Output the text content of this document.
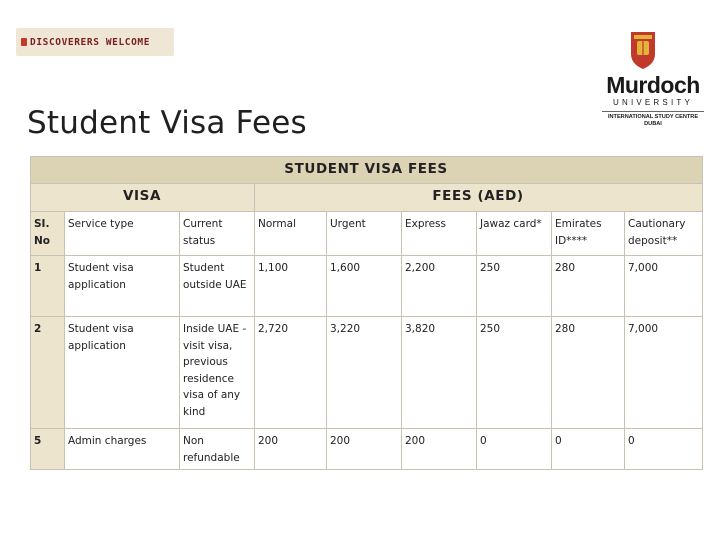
DISCOVERERS WELCOME
Murdoch
UNIVERSITY
INTERNATIONAL STUDY CENTRE
DUBAI
Student Visa Fees
STUDENT VISA FEES								
VISA			FEES (AED)					
SI. No	Service type	Current status	Normal	Urgent	Express	Jawaz card*	Emirates ID****	Cautionary deposit**
1	Student visa application	Student outside UAE	1,100	1,600	2,200	250	280	7,000
2	Student visa application	Inside UAE - visit visa, previous residence visa of any kind	2,720	3,220	3,820	250	280	7,000
5	Admin charges	Non refundable	200	200	200	0	0	0
